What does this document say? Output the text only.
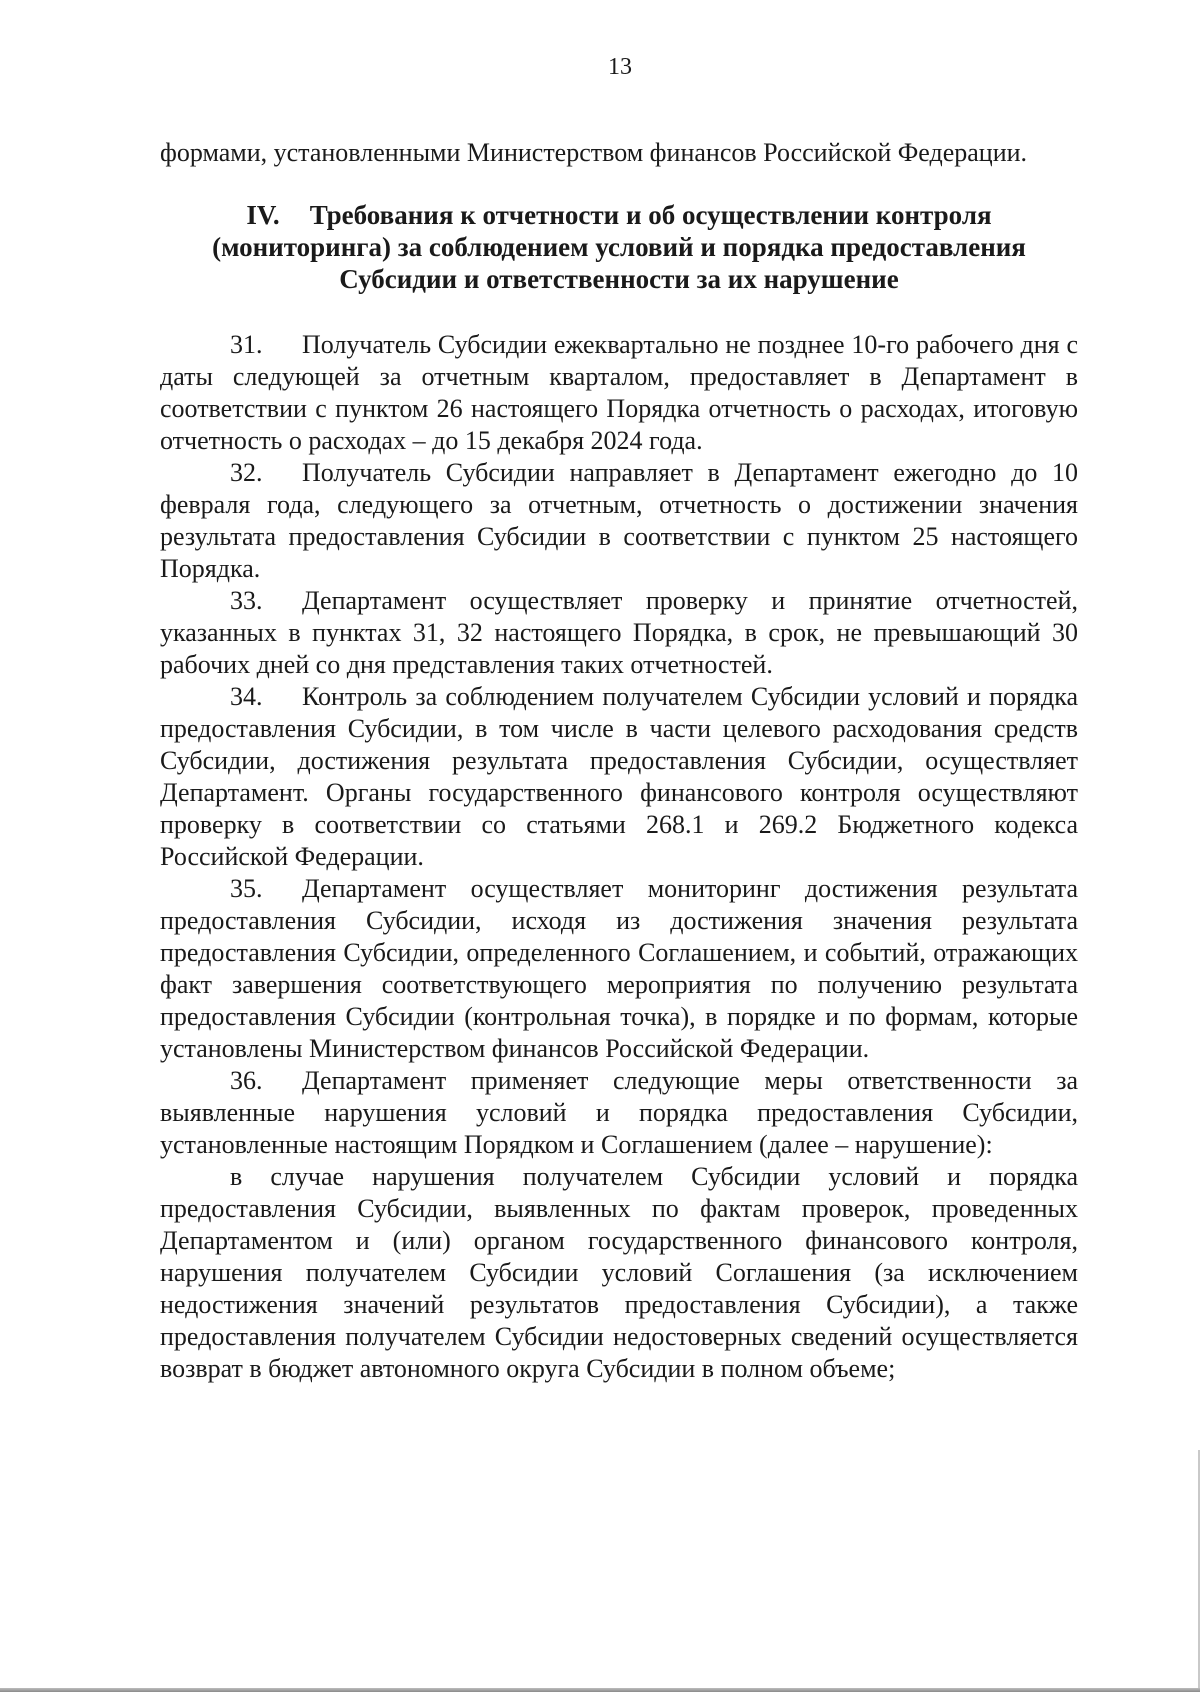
13

формами, установленными Министерством финансов Российской Федерации.

IV. Требования к отчетности и об осуществлении контроля (мониторинга) за соблюдением условий и порядка предоставления Субсидии и ответственности за их нарушение

31. Получатель Субсидии ежеквартально не позднее 10-го рабочего дня с даты следующей за отчетным кварталом, предоставляет в Департамент в соответствии с пунктом 26 настоящего Порядка отчетность о расходах, итоговую отчетность о расходах – до 15 декабря 2024 года.

32. Получатель Субсидии направляет в Департамент ежегодно до 10 февраля года, следующего за отчетным, отчетность о достижении значения результата предоставления Субсидии в соответствии с пунктом 25 настоящего Порядка.

33. Департамент осуществляет проверку и принятие отчетностей, указанных в пунктах 31, 32 настоящего Порядка, в срок, не превышающий 30 рабочих дней со дня представления таких отчетностей.

34. Контроль за соблюдением получателем Субсидии условий и порядка предоставления Субсидии, в том числе в части целевого расходования средств Субсидии, достижения результата предоставления Субсидии, осуществляет Департамент. Органы государственного финансового контроля осуществляют проверку в соответствии со статьями 268.1 и 269.2 Бюджетного кодекса Российской Федерации.

35. Департамент осуществляет мониторинг достижения результата предоставления Субсидии, исходя из достижения значения результата предоставления Субсидии, определенного Соглашением, и событий, отражающих факт завершения соответствующего мероприятия по получению результата предоставления Субсидии (контрольная точка), в порядке и по формам, которые установлены Министерством финансов Российской Федерации.

36. Департамент применяет следующие меры ответственности за выявленные нарушения условий и порядка предоставления Субсидии, установленные настоящим Порядком и Соглашением (далее – нарушение):

в случае нарушения получателем Субсидии условий и порядка предоставления Субсидии, выявленных по фактам проверок, проведенных Департаментом и (или) органом государственного финансового контроля, нарушения получателем Субсидии условий Соглашения (за исключением недостижения значений результатов предоставления Субсидии), а также предоставления получателем Субсидии недостоверных сведений осуществляется возврат в бюджет автономного округа Субсидии в полном объеме;
